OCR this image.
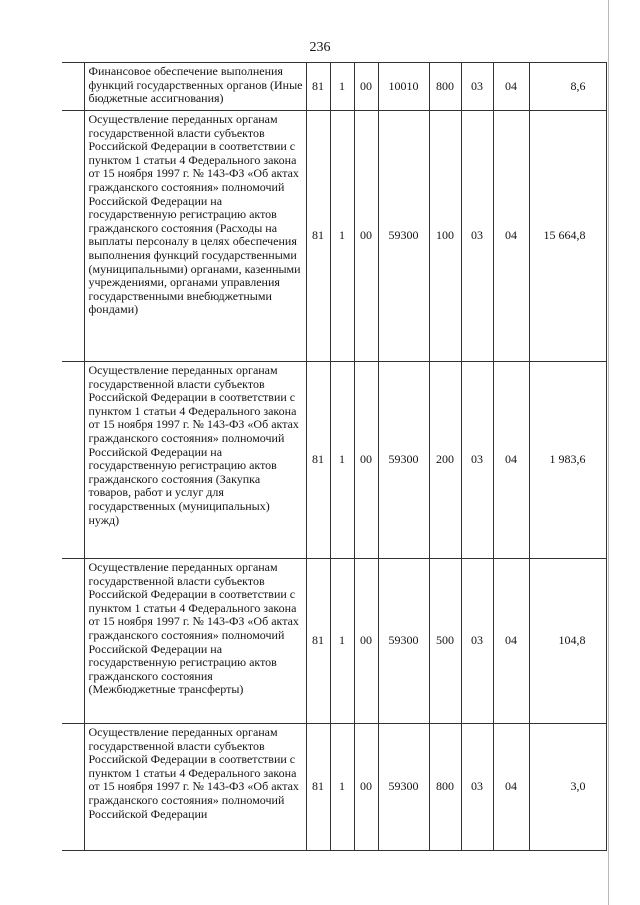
236
	Финансовое обеспечение выполнения функций государственных органов (Иные бюджетные ассигнования)	81	1	00	10010	800	03	04	8,6
	Осуществление переданных органам государственной власти субъектов Российской Федерации в соответствии с пунктом 1 статьи 4 Федерального закона от 15 ноября 1997 г. № 143-ФЗ «Об актах гражданского состояния» полномочий Российской Федерации на государственную регистрацию актов гражданского состояния (Расходы на выплаты персоналу в целях обеспечения выполнения функций государственными (муниципальными) органами, казенными учреждениями, органами управления государственными внебюджетными фондами)	81	1	00	59300	100	03	04	15 664,8
	Осуществление переданных органам государственной власти субъектов Российской Федерации в соответствии с пунктом 1 статьи 4 Федерального закона от 15 ноября 1997 г. № 143-ФЗ «Об актах гражданского состояния» полномочий Российской Федерации на государственную регистрацию актов гражданского состояния (Закупка товаров, работ и услуг для государственных (муниципальных) нужд)	81	1	00	59300	200	03	04	1 983,6
	Осуществление переданных органам государственной власти субъектов Российской Федерации в соответствии с пунктом 1 статьи 4 Федерального закона от 15 ноября 1997 г. № 143-ФЗ «Об актах гражданского состояния» полномочий Российской Федерации на государственную регистрацию актов гражданского состояния (Межбюджетные трансферты)	81	1	00	59300	500	03	04	104,8
	Осуществление переданных органам государственной власти субъектов Российской Федерации в соответствии с пунктом 1 статьи 4 Федерального закона от 15 ноября 1997 г. № 143-ФЗ «Об актах гражданского состояния» полномочий Российской Федерации	81	1	00	59300	800	03	04	3,0
